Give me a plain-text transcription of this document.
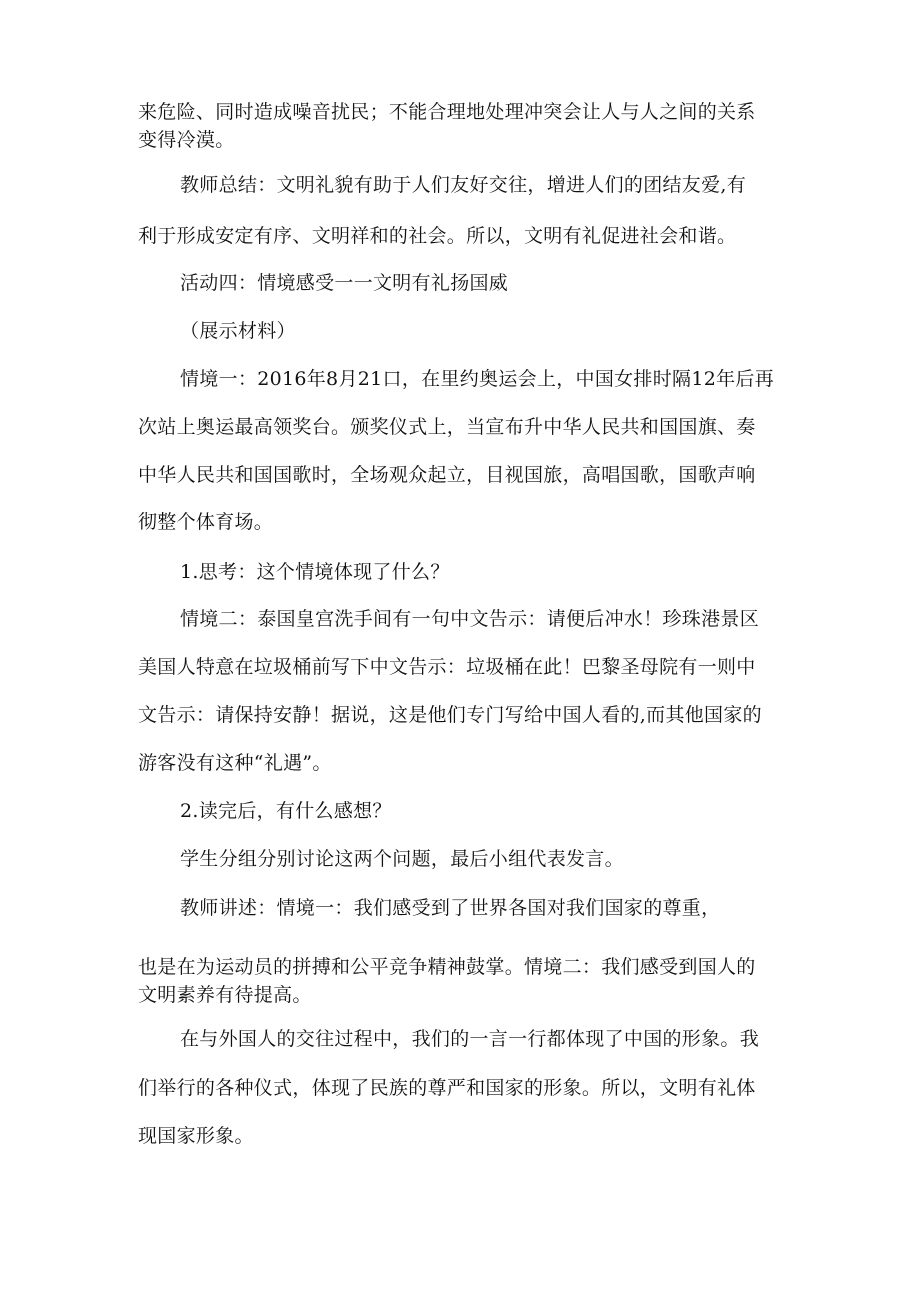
来危险、同时造成噪音扰民；不能合理地处理冲突会让人与人之间的关系
变得冷漠。
教师总结：文明礼貌有助于人们友好交往，增进人们的团结友爱,有
利于形成安定有序、文明祥和的社会。所以，文明有礼促进社会和谐。
活动四：情境感受一一文明有礼扬国威
（展示材料）
情境一：2016年8月21口，在里约奥运会上，中国女排时隔12年后再
次站上奥运最高领奖台。颁奖仪式上，当宣布升中华人民共和国国旗、奏
中华人民共和国国歌时，全场观众起立，目视国旅，高唱国歌，国歌声响
彻整个体育场。
1.思考：这个情境体现了什么？
情境二：泰国皇宫洗手间有一句中文告示：请便后冲水！珍珠港景区
美国人特意在垃圾桶前写下中文告示：垃圾桶在此！巴黎圣母院有一则中
文告示：请保持安静！据说，这是他们专门写给中国人看的,而其他国家的
游客没有这种“礼遇”。
2.读完后，有什么感想？
学生分组分别讨论这两个问题，最后小组代表发言。
教师讲述：情境一：我们感受到了世界各国对我们国家的尊重，
也是在为运动员的拼搏和公平竞争精神鼓掌。情境二：我们感受到国人的
文明素养有待提高。
在与外国人的交往过程中，我们的一言一行都体现了中国的形象。我
们举行的各种仪式，体现了民族的尊严和国家的形象。所以，文明有礼体
现国家形象。
